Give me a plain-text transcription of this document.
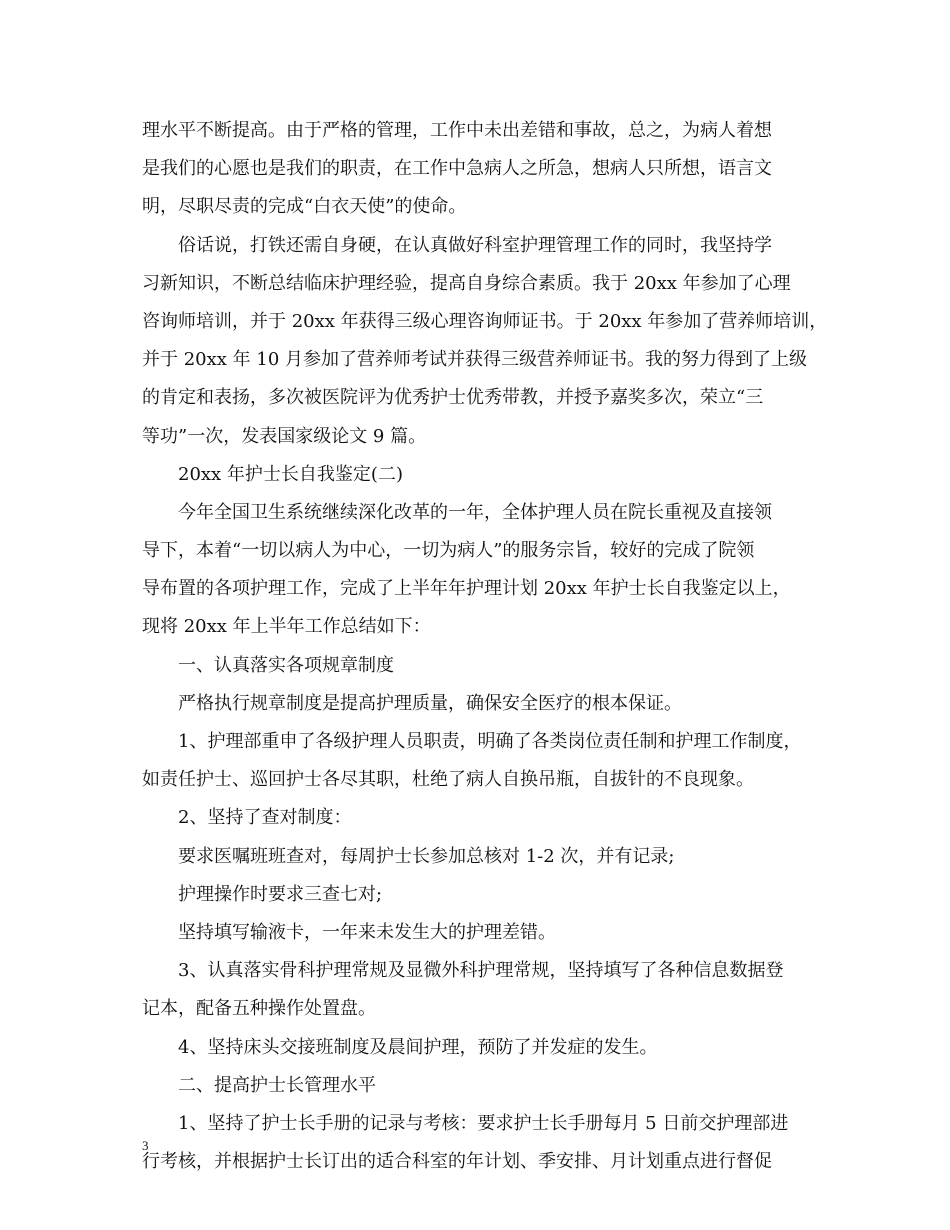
理水平不断提高。由于严格的管理，工作中未出差错和事故，总之，为病人着想
是我们的心愿也是我们的职责，在工作中急病人之所急，想病人只所想，语言文
明，尽职尽责的完成“白衣天使”的使命。
俗话说，打铁还需自身硬，在认真做好科室护理管理工作的同时，我坚持学
习新知识，不断总结临床护理经验，提高自身综合素质。我于 20xx 年参加了心理
咨询师培训，并于 20xx 年获得三级心理咨询师证书。于 20xx 年参加了营养师培训，
并于 20xx 年 10 月参加了营养师考试并获得三级营养师证书。我的努力得到了上级
的肯定和表扬，多次被医院评为优秀护士优秀带教，并授予嘉奖多次，荣立“三
等功”一次，发表国家级论文 9 篇。
20xx 年护士长自我鉴定(二)
今年全国卫生系统继续深化改革的一年，全体护理人员在院长重视及直接领
导下，本着“一切以病人为中心，一切为病人”的服务宗旨，较好的完成了院领
导布置的各项护理工作，完成了上半年年护理计划 20xx 年护士长自我鉴定以上，
现将 20xx 年上半年工作总结如下：
一、认真落实各项规章制度
严格执行规章制度是提高护理质量，确保安全医疗的根本保证。
1、护理部重申了各级护理人员职责，明确了各类岗位责任制和护理工作制度，
如责任护士、巡回护士各尽其职，杜绝了病人自换吊瓶，自拔针的不良现象。
2、坚持了查对制度：
要求医嘱班班查对，每周护士长参加总核对 1-2 次，并有记录;
护理操作时要求三查七对;
坚持填写输液卡，一年来未发生大的护理差错。
3、认真落实骨科护理常规及显微外科护理常规，坚持填写了各种信息数据登
记本，配备五种操作处置盘。
4、坚持床头交接班制度及晨间护理，预防了并发症的发生。
二、提高护士长管理水平
1、坚持了护士长手册的记录与考核：要求护士长手册每月 5 日前交护理部进
行考核，并根据护士长订出的适合科室的年计划、季安排、月计划重点进行督促
3
